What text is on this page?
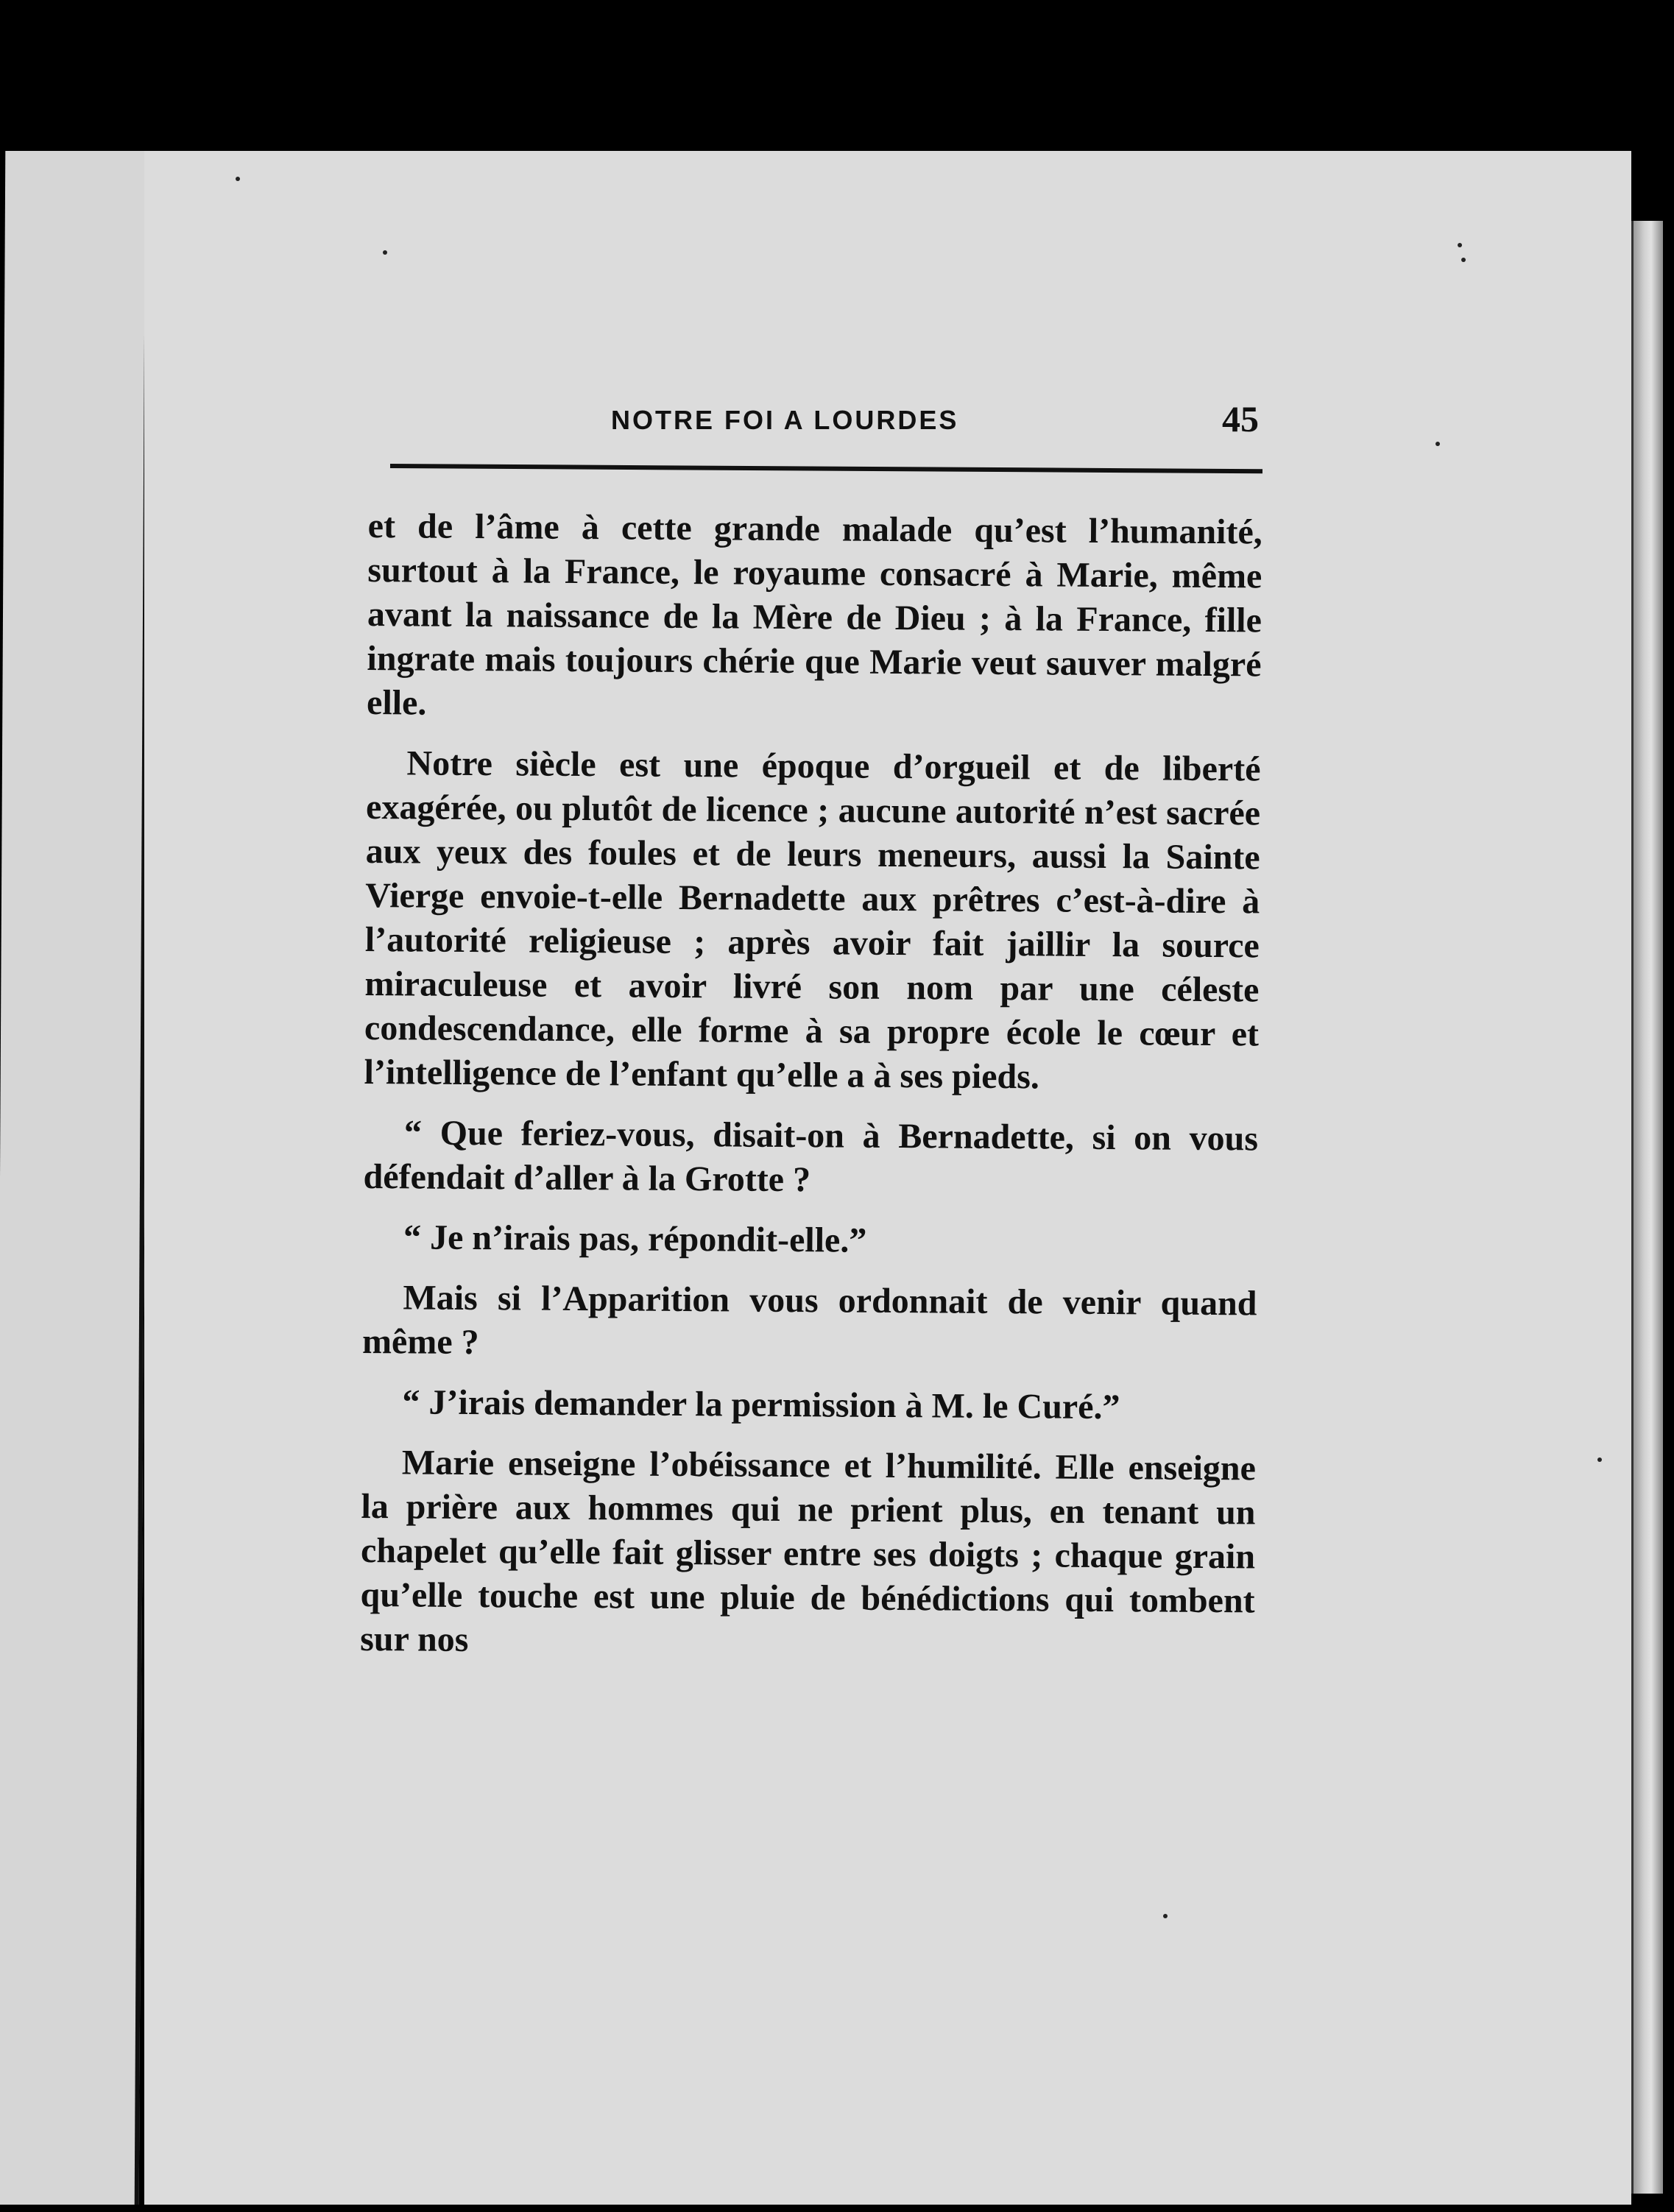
NOTRE FOI A LOURDES	45

et de l’âme à cette grande malade qu’est l’humanité, surtout à la France, le royaume consacré à Marie, même avant la naissance de la Mère de Dieu ; à la France, fille ingrate mais toujours chérie que Marie veut sauver malgré elle.

Notre siècle est une époque d’orgueil et de liberté exagérée, ou plutôt de licence ; aucune autorité n’est sacrée aux yeux des foules et de leurs meneurs, aussi la Sainte Vierge envoie-t-elle Bernadette aux prêtres c’est-à-dire à l’autorité religieuse ; après avoir fait jaillir la source miraculeuse et avoir livré son nom par une céleste condescendance, elle forme à sa propre école le cœur et l’intelligence de l’enfant qu’elle a à ses pieds.

“ Que feriez-vous, disait-on à Bernadette, si on vous défendait d’aller à la Grotte ?

“ Je n’irais pas, répondit-elle.”

Mais si l’Apparition vous ordonnait de venir quand même ?

“ J’irais demander la permission à M. le Curé.”

Marie enseigne l’obéissance et l’humilité. Elle enseigne la prière aux hommes qui ne prient plus, en tenant un chapelet qu’elle fait glisser entre ses doigts ; chaque grain qu’elle touche est une pluie de bénédictions qui tombent sur nos
